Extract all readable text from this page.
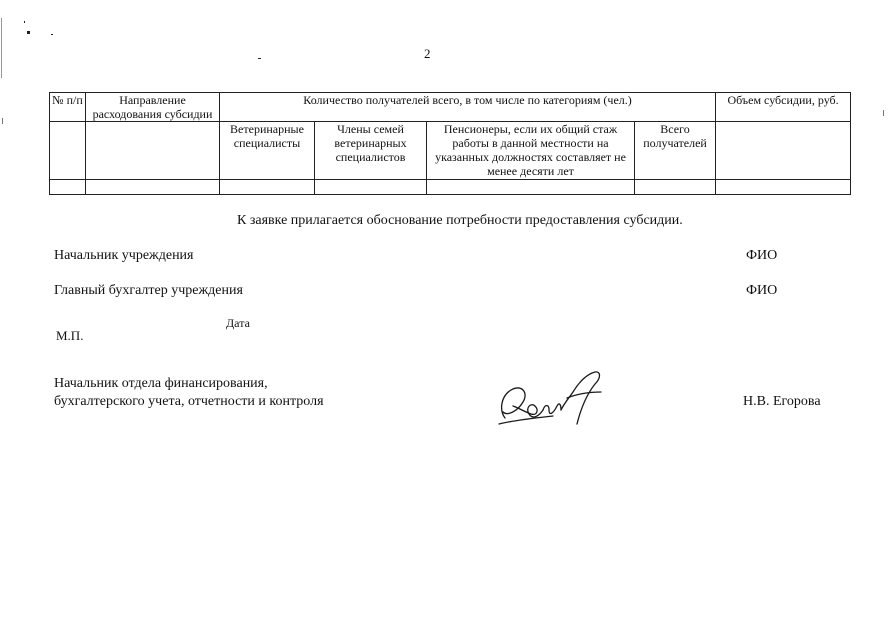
2
№ п/п	Направление расходования субсидии	Количество получателей всего, в том числе по категориям (чел.)				Объем субсидии, руб.
		Ветеринарные специалисты	Члены семей ветеринарных специалистов	Пенсионеры, если их общий стаж работы в данной местности на указанных должностях составляет не менее десяти лет	Всего получателей	

К заявке прилагается обоснование потребности предоставления субсидии.
Начальник учреждения	ФИО
Главный бухгалтер учреждения	ФИО
Дата
М.П.
Начальник отдела финансирования,
бухгалтерского учета, отчетности и контроля	Н.В. Егорова
